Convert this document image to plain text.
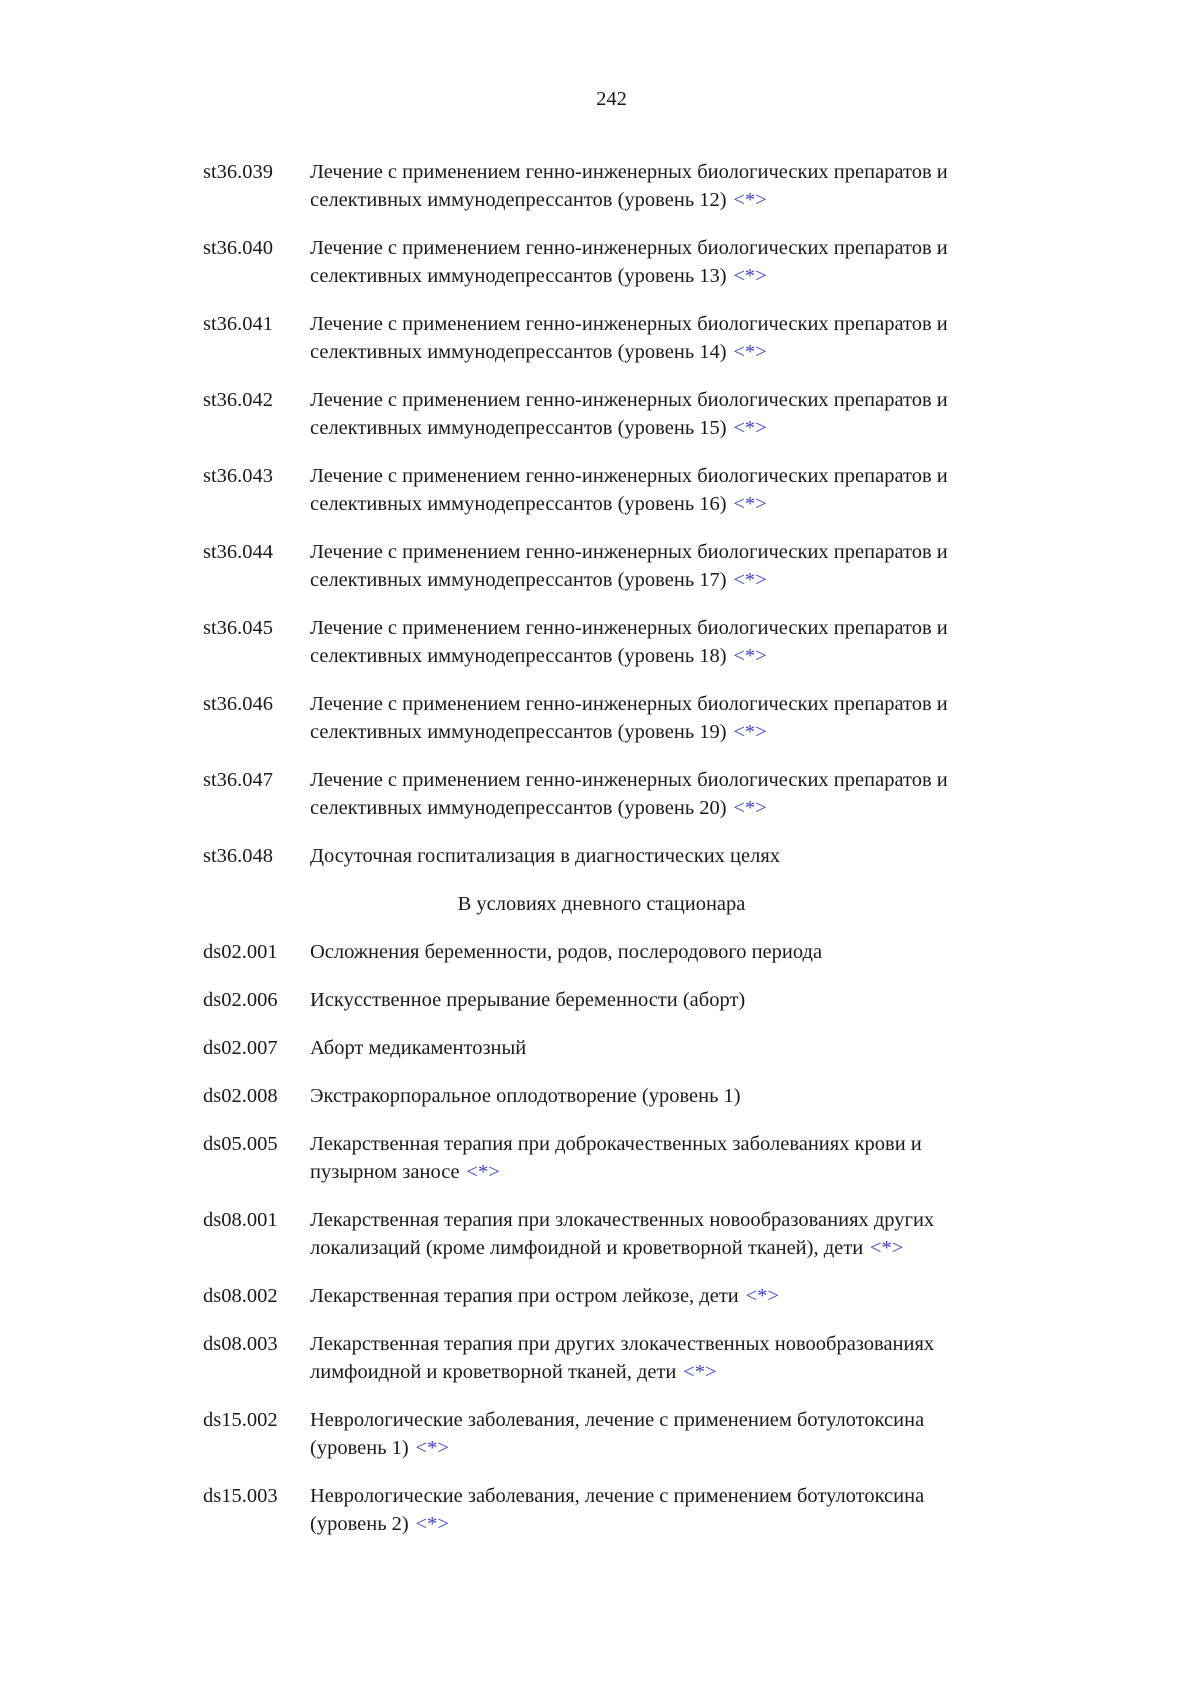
242
st36.039	Лечение с применением генно-инженерных биологических препаратов и
селективных иммунодепрессантов (уровень 12) <*>
st36.040	Лечение с применением генно-инженерных биологических препаратов и
селективных иммунодепрессантов (уровень 13) <*>
st36.041	Лечение с применением генно-инженерных биологических препаратов и
селективных иммунодепрессантов (уровень 14) <*>
st36.042	Лечение с применением генно-инженерных биологических препаратов и
селективных иммунодепрессантов (уровень 15) <*>
st36.043	Лечение с применением генно-инженерных биологических препаратов и
селективных иммунодепрессантов (уровень 16) <*>
st36.044	Лечение с применением генно-инженерных биологических препаратов и
селективных иммунодепрессантов (уровень 17) <*>
st36.045	Лечение с применением генно-инженерных биологических препаратов и
селективных иммунодепрессантов (уровень 18) <*>
st36.046	Лечение с применением генно-инженерных биологических препаратов и
селективных иммунодепрессантов (уровень 19) <*>
st36.047	Лечение с применением генно-инженерных биологических препаратов и
селективных иммунодепрессантов (уровень 20) <*>
st36.048	Досуточная госпитализация в диагностических целях
В условиях дневного стационара
ds02.001	Осложнения беременности, родов, послеродового периода
ds02.006	Искусственное прерывание беременности (аборт)
ds02.007	Аборт медикаментозный
ds02.008	Экстракорпоральное оплодотворение (уровень 1)
ds05.005	Лекарственная терапия при доброкачественных заболеваниях крови и
пузырном заносе <*>
ds08.001	Лекарственная терапия при злокачественных новообразованиях других
локализаций (кроме лимфоидной и кроветворной тканей), дети <*>
ds08.002	Лекарственная терапия при остром лейкозе, дети <*>
ds08.003	Лекарственная терапия при других злокачественных новообразованиях
лимфоидной и кроветворной тканей, дети <*>
ds15.002	Неврологические заболевания, лечение с применением ботулотоксина
(уровень 1) <*>
ds15.003	Неврологические заболевания, лечение с применением ботулотоксина
(уровень 2) <*>
